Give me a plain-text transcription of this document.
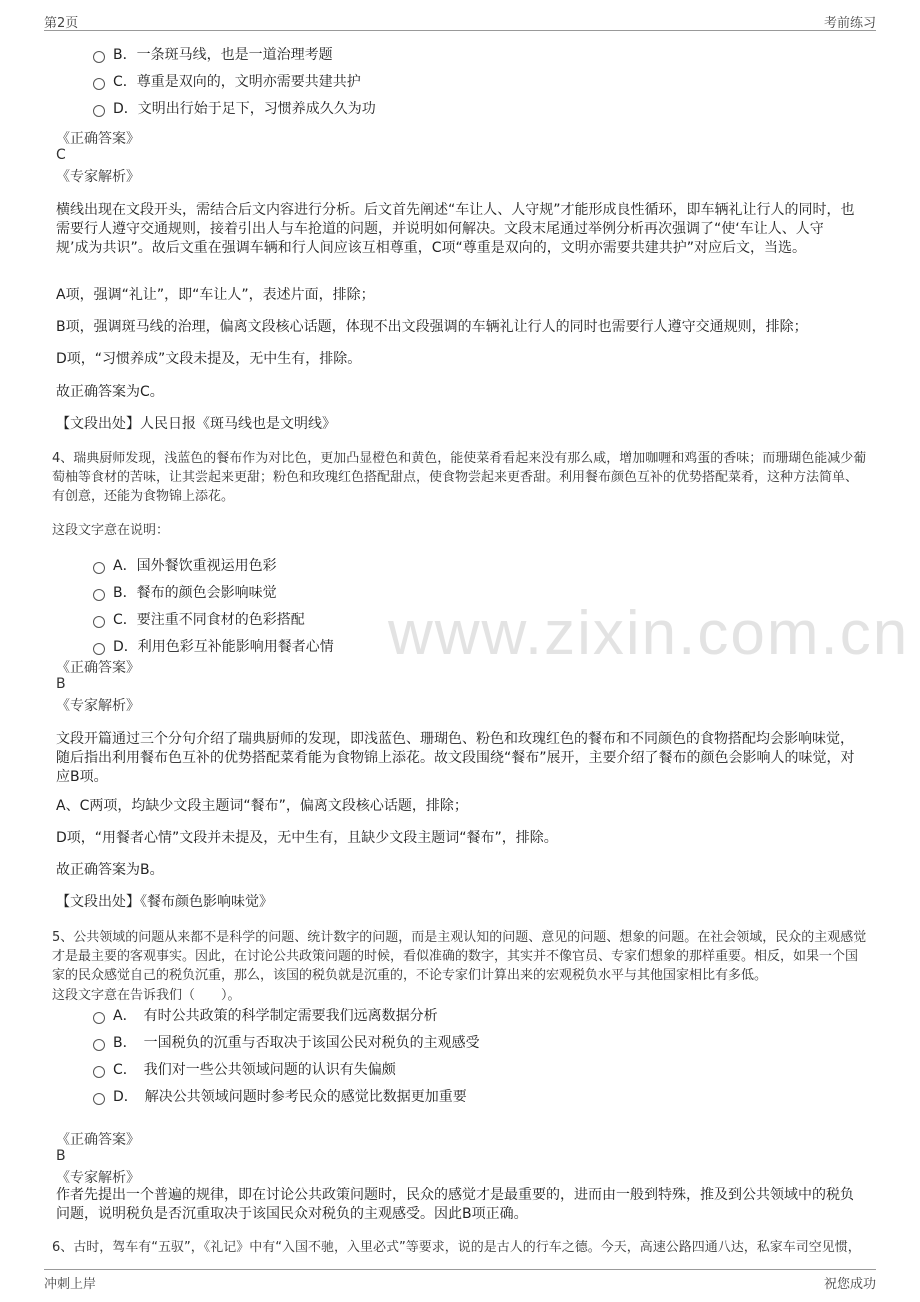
第2页	考前练习
www.zixin.com.cn
B．一条斑马线，也是一道治理考题
C．尊重是双向的，文明亦需要共建共护
D．文明出行始于足下，习惯养成久久为功
《正确答案》
C
《专家解析》
横线出现在文段开头，需结合后文内容进行分析。后文首先阐述“车让人、人守规”才能形成良性循环，即车辆礼让行人的同时，也需要行人遵守交通规则，接着引出人与车抢道的问题，并说明如何解决。文段末尾通过举例分析再次强调了“使‘车让人、人守规’成为共识”。故后文重在强调车辆和行人间应该互相尊重，C项“尊重是双向的，文明亦需要共建共护”对应后文，当选。
A项，强调“礼让”，即“车让人”，表述片面，排除；
B项，强调斑马线的治理，偏离文段核心话题，体现不出文段强调的车辆礼让行人的同时也需要行人遵守交通规则，排除；
D项，“习惯养成”文段未提及，无中生有，排除。
故正确答案为C。
【文段出处】人民日报《斑马线也是文明线》
4、瑞典厨师发现，浅蓝色的餐布作为对比色，更加凸显橙色和黄色，能使菜肴看起来没有那么咸，增加咖喱和鸡蛋的香味；而珊瑚色能减少葡萄柚等食材的苦味，让其尝起来更甜；粉色和玫瑰红色搭配甜点，使食物尝起来更香甜。利用餐布颜色互补的优势搭配菜肴，这种方法简单、有创意，还能为食物锦上添花。
这段文字意在说明：
A．国外餐饮重视运用色彩
B．餐布的颜色会影响味觉
C．要注重不同食材的色彩搭配
D．利用色彩互补能影响用餐者心情
《正确答案》
B
《专家解析》
文段开篇通过三个分句介绍了瑞典厨师的发现，即浅蓝色、珊瑚色、粉色和玫瑰红色的餐布和不同颜色的食物搭配均会影响味觉，随后指出利用餐布色互补的优势搭配菜肴能为食物锦上添花。故文段围绕“餐布”展开，主要介绍了餐布的颜色会影响人的味觉，对应B项。
A、C两项，均缺少文段主题词“餐布”，偏离文段核心话题，排除；
D项，“用餐者心情”文段并未提及，无中生有，且缺少文段主题词“餐布”，排除。
故正确答案为B。
【文段出处】《餐布颜色影响味觉》
5、公共领域的问题从来都不是科学的问题、统计数字的问题，而是主观认知的问题、意见的问题、想象的问题。在社会领域，民众的主观感觉才是最主要的客观事实。因此，在讨论公共政策问题的时候，看似准确的数字，其实并不像官员、专家们想象的那样重要。相反，如果一个国家的民众感觉自己的税负沉重，那么，该国的税负就是沉重的，不论专家们计算出来的宏观税负水平与其他国家相比有多低。
这段文字意在告诉我们（　　）。
A．　有时公共政策的科学制定需要我们远离数据分析
B．　一国税负的沉重与否取决于该国公民对税负的主观感受
C．　我们对一些公共领域问题的认识有失偏颇
D．　解决公共领域问题时参考民众的感觉比数据更加重要
《正确答案》
B
《专家解析》
作者先提出一个普遍的规律，即在讨论公共政策问题时，民众的感觉才是最重要的，进而由一般到特殊，推及到公共领域中的税负问题，说明税负是否沉重取决于该国民众对税负的主观感受。因此B项正确。
6、古时，驾车有“五驭”，《礼记》中有“入国不驰，入里必式”等要求，说的是古人的行车之德。今天，高速公路四通八达，私家车司空见惯，
冲刺上岸	祝您成功
